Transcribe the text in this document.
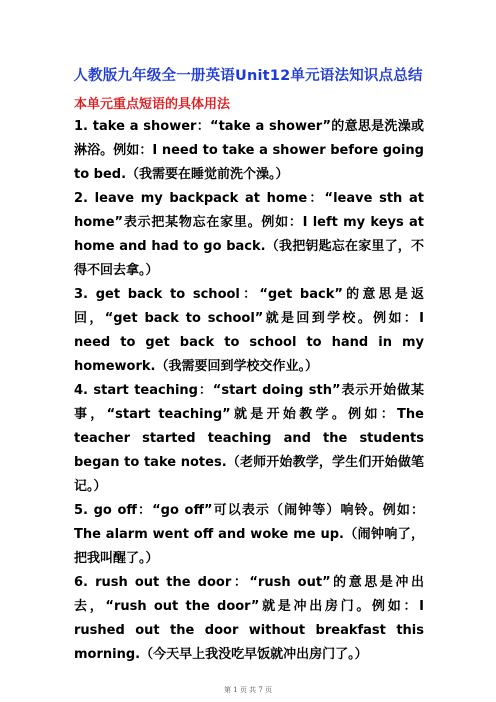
人教版九年级全一册英语Unit12单元语法知识点总结
本单元重点短语的具体用法

1. take a shower：“take a shower”的意思是洗澡或淋浴。例如：I need to take a shower before going to bed.（我需要在睡觉前洗个澡。）

2. leave my backpack at home：“leave sth at home”表示把某物忘在家里。例如：I left my keys at home and had to go back.（我把钥匙忘在家里了，不得不回去拿。）

3. get back to school：“get back”的意思是返回，“get back to school”就是回到学校。例如：I need to get back to school to hand in my homework.（我需要回到学校交作业。）

4. start teaching：“start doing sth”表示开始做某事，“start teaching”就是开始教学。例如：The teacher started teaching and the students began to take notes.（老师开始教学，学生们开始做笔记。）

5. go off：“go off”可以表示（闹钟等）响铃。例如：The alarm went off and woke me up.（闹钟响了，把我叫醒了。）

6. rush out the door：“rush out”的意思是冲出去，“rush out the door”就是冲出房门。例如：I rushed out the door without breakfast this morning.（今天早上我没吃早饭就冲出房门了。）

第 1 页 共 7 页
